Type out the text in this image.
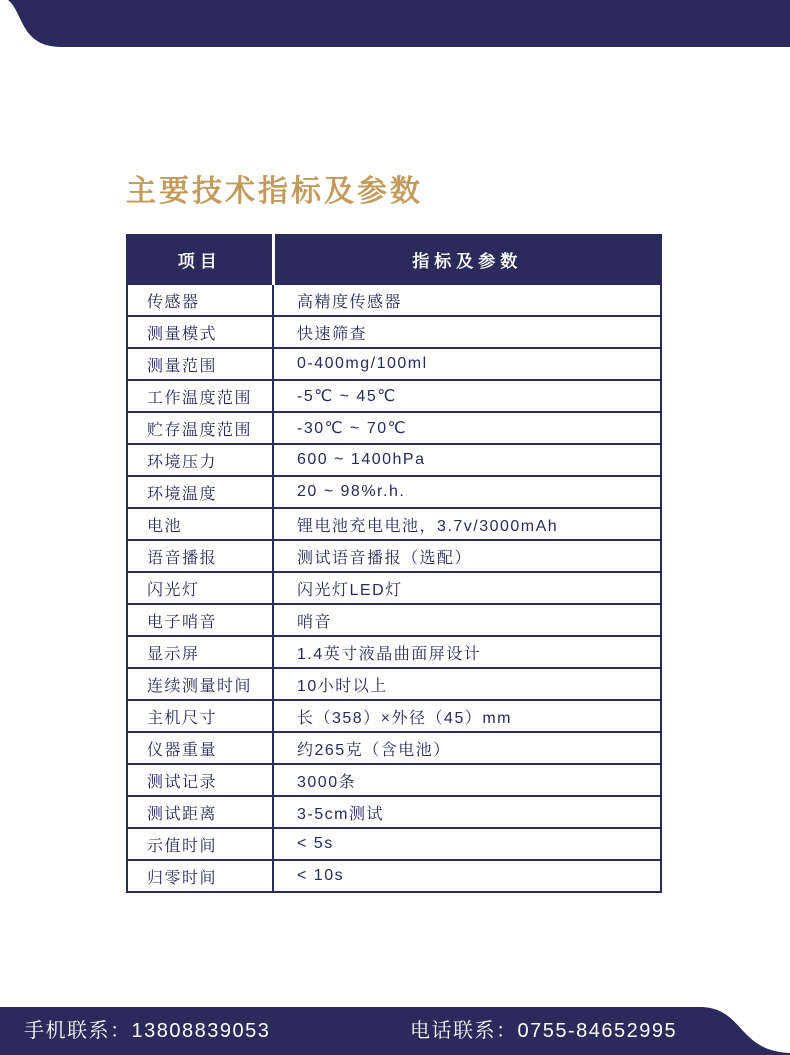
主要技术指标及参数
项目	指标及参数
传感器	高精度传感器
测量模式	快速筛查
测量范围	0-400mg/100ml
工作温度范围	-5℃ ~ 45℃
贮存温度范围	-30℃ ~ 70℃
环境压力	600 ~ 1400hPa
环境温度	20 ~ 98%r.h.
电池	锂电池充电电池，3.7v/3000mAh
语音播报	测试语音播报（选配）
闪光灯	闪光灯LED灯
电子哨音	哨音
显示屏	1.4英寸液晶曲面屏设计
连续测量时间	10小时以上
主机尺寸	长（358）×外径（45）mm
仪器重量	约265克（含电池）
测试记录	3000条
测试距离	3-5cm测试
示值时间	< 5s
归零时间	< 10s
手机联系：13808839053	电话联系：0755-84652995
